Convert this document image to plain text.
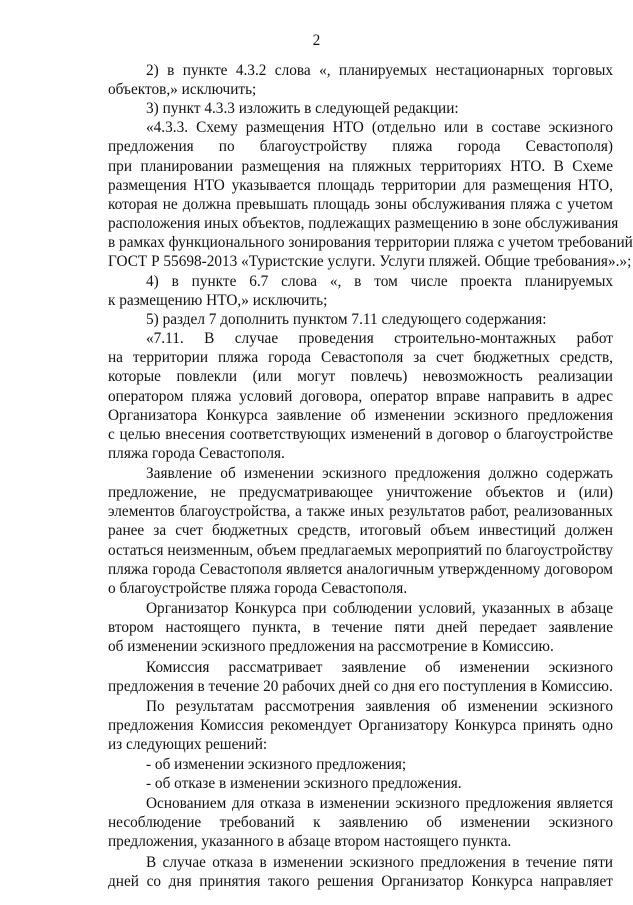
2
2) в пункте 4.3.2 слова «, планируемых нестационарных торговых
объектов,» исключить;
3) пункт 4.3.3 изложить в следующей редакции:
«4.3.3. Схему размещения НТО (отдельно или в составе эскизного
предложения по благоустройству пляжа города Севастополя)
при планировании размещения на пляжных территориях НТО. В Схеме
размещения НТО указывается площадь территории для размещения НТО,
которая не должна превышать площадь зоны обслуживания пляжа с учетом
расположения иных объектов, подлежащих размещению в зоне обслуживания
в рамках функционального зонирования территории пляжа с учетом требований
ГОСТ Р 55698-2013 «Туристские услуги. Услуги пляжей. Общие требования».»;
4) в пункте 6.7 слова «, в том числе проекта планируемых
к размещению НТО,» исключить;
5) раздел 7 дополнить пунктом 7.11 следующего содержания:
«7.11. В случае проведения строительно-монтажных работ
на территории пляжа города Севастополя за счет бюджетных средств,
которые повлекли (или могут повлечь) невозможность реализации
оператором пляжа условий договора, оператор вправе направить в адрес
Организатора Конкурса заявление об изменении эскизного предложения
с целью внесения соответствующих изменений в договор о благоустройстве
пляжа города Севастополя.
Заявление об изменении эскизного предложения должно содержать
предложение, не предусматривающее уничтожение объектов и (или)
элементов благоустройства, а также иных результатов работ, реализованных
ранее за счет бюджетных средств, итоговый объем инвестиций должен
остаться неизменным, объем предлагаемых мероприятий по благоустройству
пляжа города Севастополя является аналогичным утвержденному договором
о благоустройстве пляжа города Севастополя.
Организатор Конкурса при соблюдении условий, указанных в абзаце
втором настоящего пункта, в течение пяти дней передает заявление
об изменении эскизного предложения на рассмотрение в Комиссию.
Комиссия рассматривает заявление об изменении эскизного
предложения в течение 20 рабочих дней со дня его поступления в Комиссию.
По результатам рассмотрения заявления об изменении эскизного
предложения Комиссия рекомендует Организатору Конкурса принять одно
из следующих решений:
- об изменении эскизного предложения;
- об отказе в изменении эскизного предложения.
Основанием для отказа в изменении эскизного предложения является
несоблюдение требований к заявлению об изменении эскизного
предложения, указанного в абзаце втором настоящего пункта.
В случае отказа в изменении эскизного предложения в течение пяти
дней со дня принятия такого решения Организатор Конкурса направляет
